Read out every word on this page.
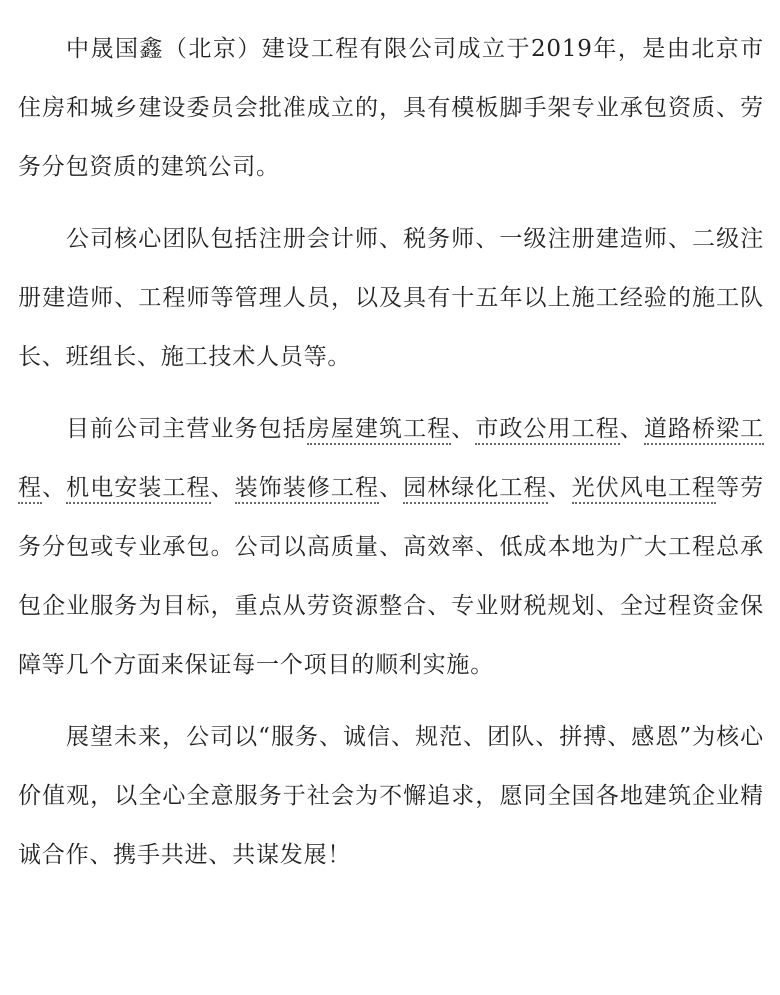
中晟国鑫（北京）建设工程有限公司成立于2019年，是由北京市住房和城乡建设委员会批准成立的，具有模板脚手架专业承包资质、劳务分包资质的建筑公司。

公司核心团队包括注册会计师、税务师、一级注册建造师、二级注册建造师、工程师等管理人员，以及具有十五年以上施工经验的施工队长、班组长、施工技术人员等。

目前公司主营业务包括房屋建筑工程、市政公用工程、道路桥梁工程、机电安装工程、装饰装修工程、园林绿化工程、光伏风电工程等劳务分包或专业承包。公司以高质量、高效率、低成本地为广大工程总承包企业服务为目标，重点从劳资源整合、专业财税规划、全过程资金保障等几个方面来保证每一个项目的顺利实施。

展望未来，公司以“服务、诚信、规范、团队、拼搏、感恩”为核心价值观，以全心全意服务于社会为不懈追求，愿同全国各地建筑企业精诚合作、携手共进、共谋发展！
